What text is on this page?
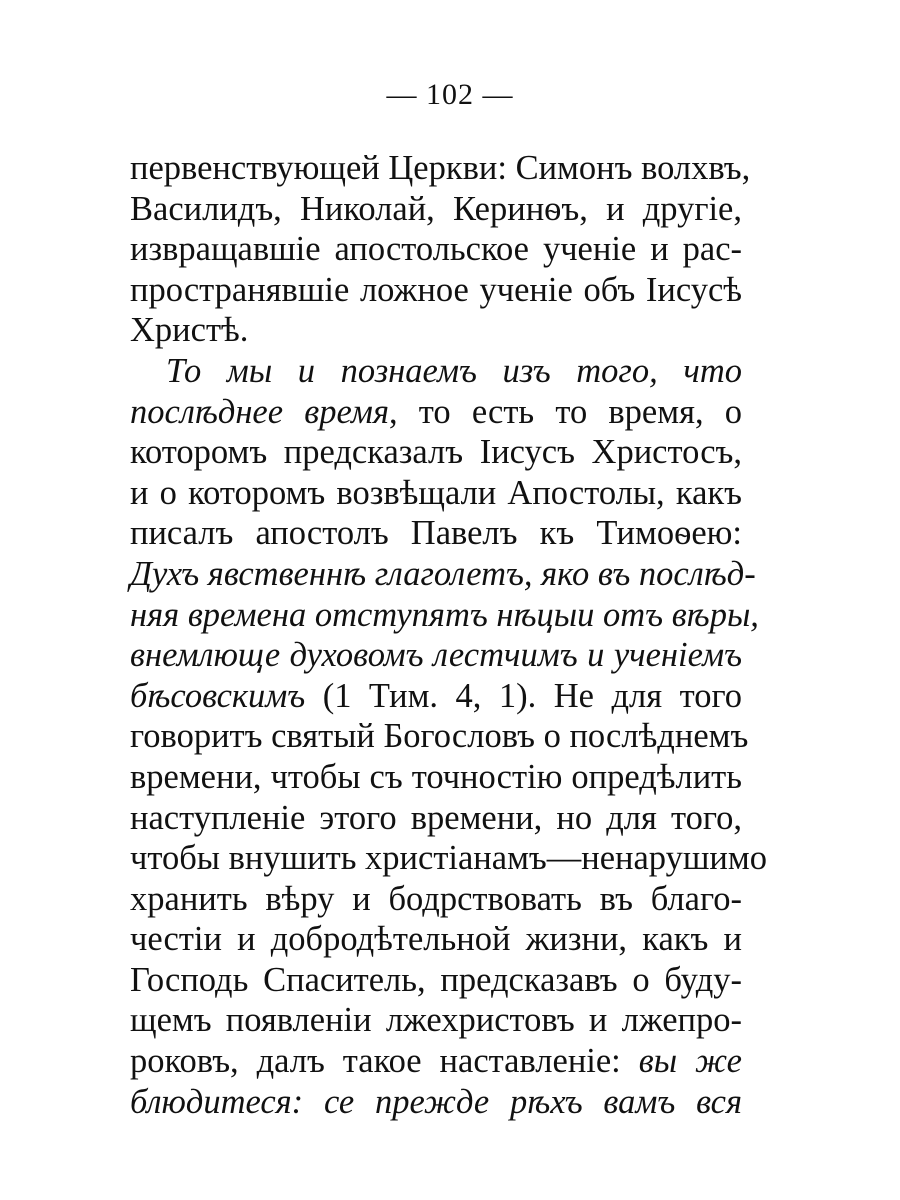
— 102 —
первенствующей Церкви: Симонъ волхвъ,
Василидъ, Николай, Керинѳъ, и другіе,
извращавшіе апостольское ученіе и рас-
пространявшіе ложное ученіе объ Іисусѣ
Христѣ.
То мы и познаемъ изъ того, что
послѣднее время, то есть то время, о
которомъ предсказалъ Іисусъ Христосъ,
и о которомъ возвѣщали Апостолы, какъ
писалъ апостолъ Павелъ къ Тимоѳею:
Духъ явственнѣ глаголетъ, яко въ послѣд-
няя времена отступятъ нѣцыи отъ вѣры,
внемлюще духовомъ лестчимъ и ученіемъ
бѣсовскимъ (1 Тим. 4, 1). Не для того
говоритъ святый Богословъ о послѣднемъ
времени, чтобы съ точностію опредѣлить
наступленіе этого времени, но для того,
чтобы внушить христіанамъ—ненарушимо
хранить вѣру и бодрствовать въ благо-
честіи и добродѣтельной жизни, какъ и
Господь Спаситель, предсказавъ о буду-
щемъ появленіи лжехристовъ и лжепро-
роковъ, далъ такое наставленіе: вы же
блюдитеся: се прежде рѣхъ вамъ вся
